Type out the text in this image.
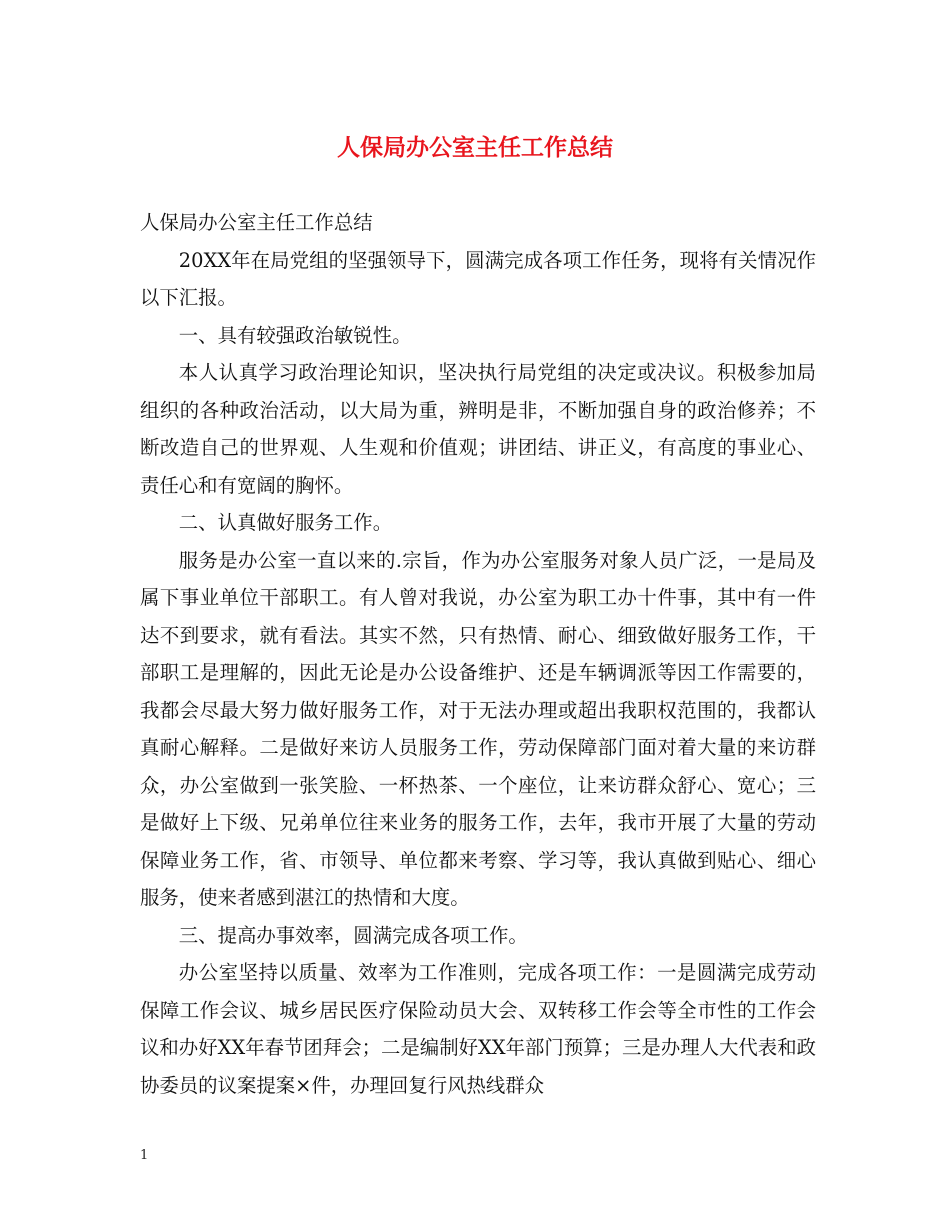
人保局办公室主任工作总结

人保局办公室主任工作总结

20XX年在局党组的坚强领导下，圆满完成各项工作任务，现将有关情况作以下汇报。

一、具有较强政治敏锐性。

本人认真学习政治理论知识，坚决执行局党组的决定或决议。积极参加局组织的各种政治活动，以大局为重，辨明是非，不断加强自身的政治修养；不断改造自己的世界观、人生观和价值观；讲团结、讲正义，有高度的事业心、责任心和有宽阔的胸怀。

二、认真做好服务工作。

服务是办公室一直以来的.宗旨，作为办公室服务对象人员广泛，一是局及属下事业单位干部职工。有人曾对我说，办公室为职工办十件事，其中有一件达不到要求，就有看法。其实不然，只有热情、耐心、细致做好服务工作，干部职工是理解的，因此无论是办公设备维护、还是车辆调派等因工作需要的，我都会尽最大努力做好服务工作，对于无法办理或超出我职权范围的，我都认真耐心解释。二是做好来访人员服务工作，劳动保障部门面对着大量的来访群众，办公室做到一张笑脸、一杯热茶、一个座位，让来访群众舒心、宽心；三是做好上下级、兄弟单位往来业务的服务工作，去年，我市开展了大量的劳动保障业务工作，省、市领导、单位都来考察、学习等，我认真做到贴心、细心服务，使来者感到湛江的热情和大度。

三、提高办事效率，圆满完成各项工作。

办公室坚持以质量、效率为工作准则，完成各项工作：一是圆满完成劳动保障工作会议、城乡居民医疗保险动员大会、双转移工作会等全市性的工作会议和办好XX年春节团拜会；二是编制好XX年部门预算；三是办理人大代表和政协委员的议案提案×件，办理回复行风热线群众

1
